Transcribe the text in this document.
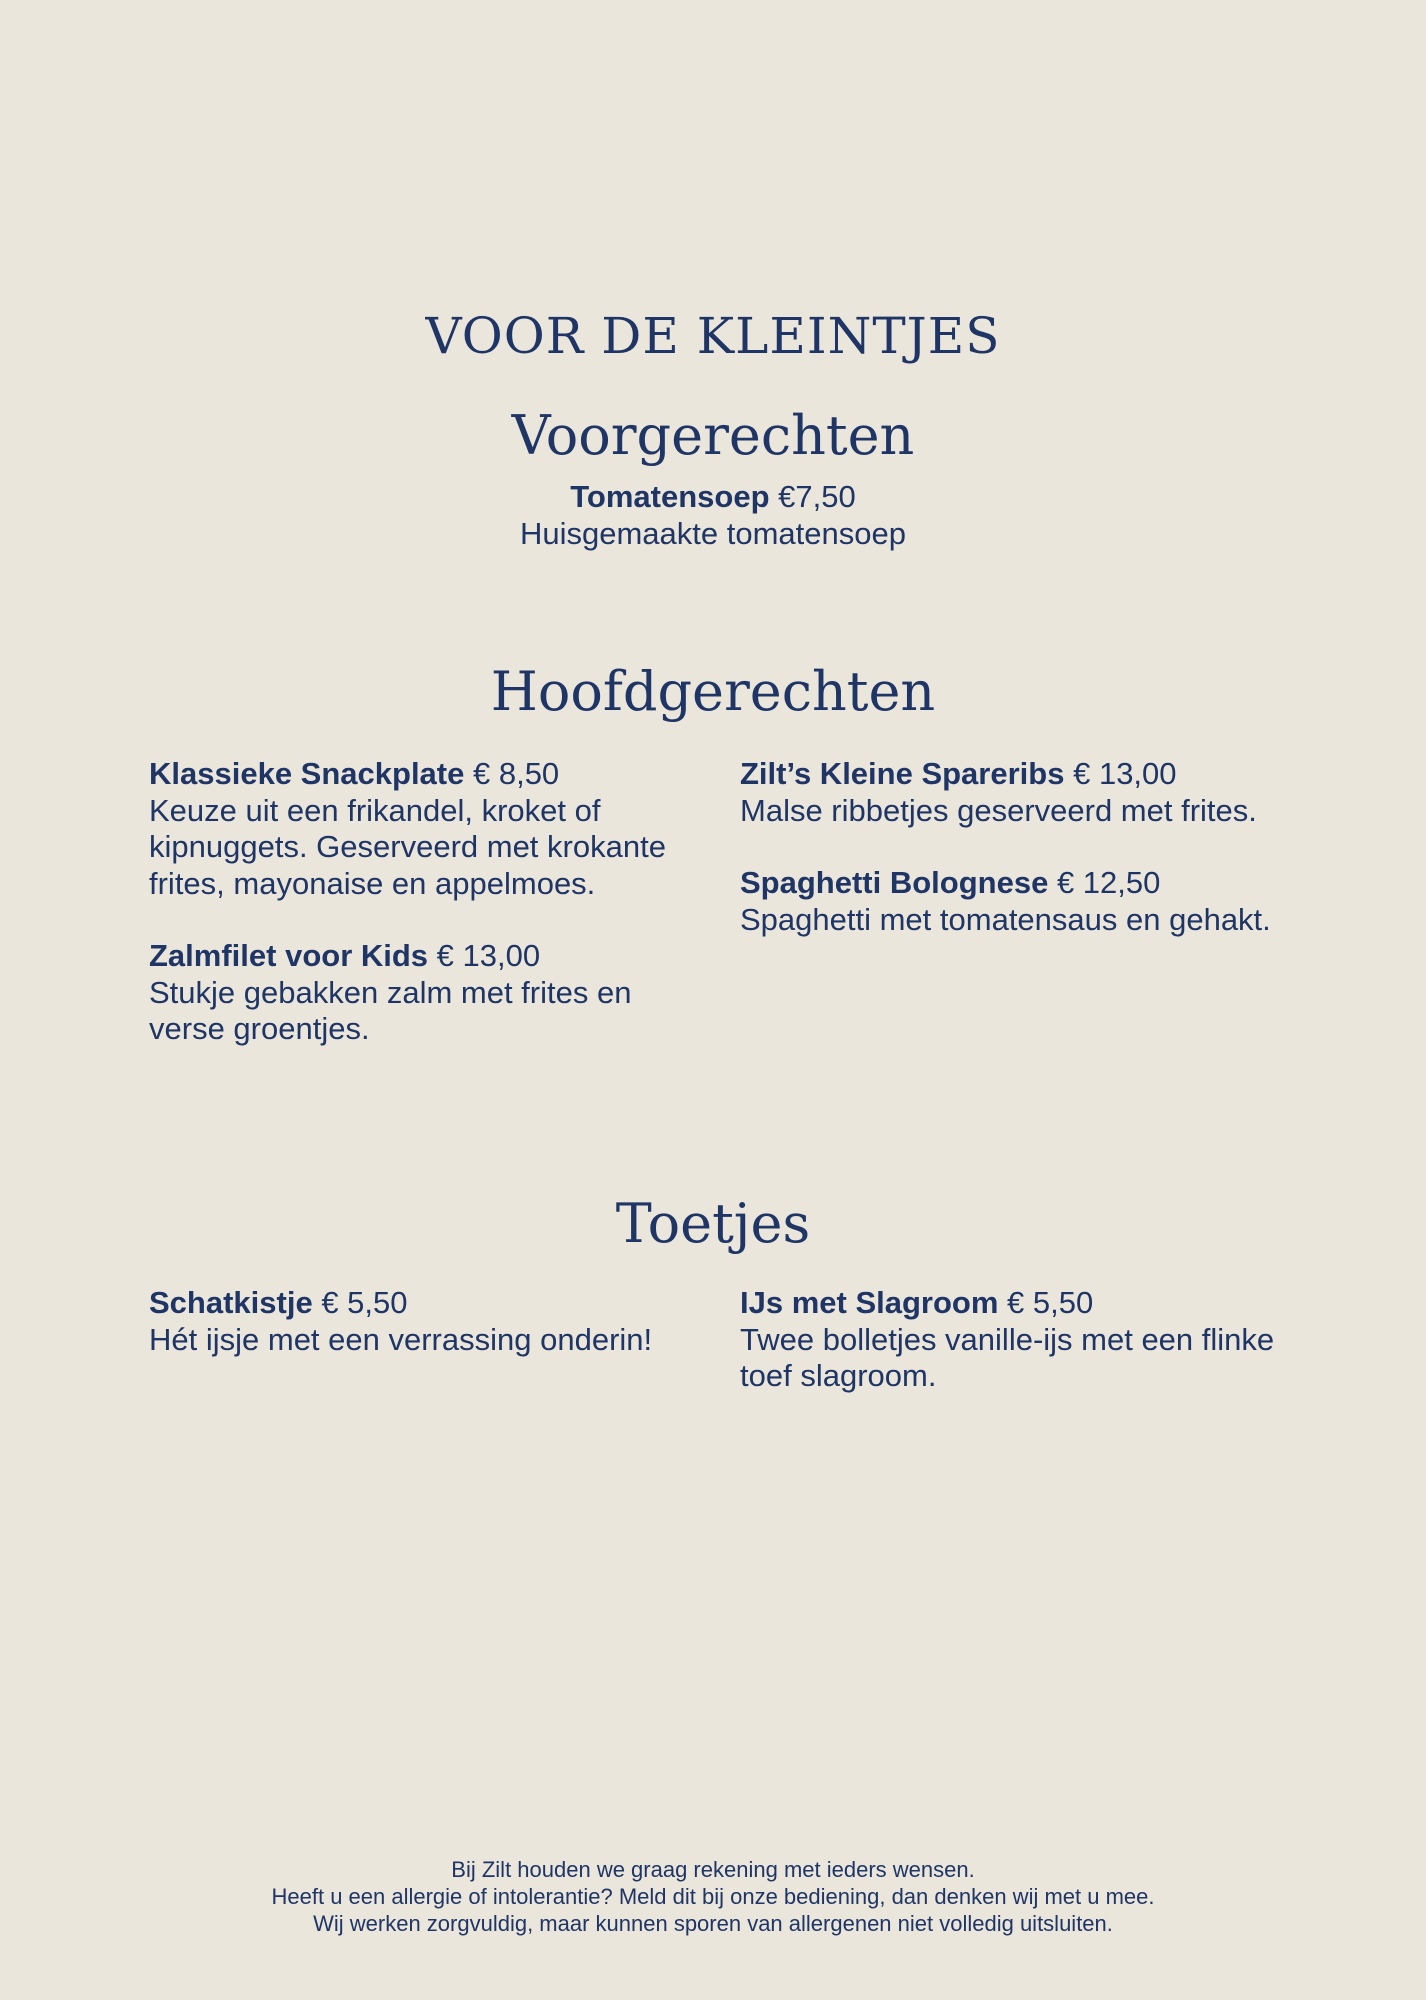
VOOR DE KLEINTJES
Voorgerechten
Tomatensoep €7,50
Huisgemaakte tomatensoep
Hoofdgerechten
Klassieke Snackplate € 8,50
Keuze uit een frikandel, kroket of kipnuggets. Geserveerd met krokante frites, mayonaise en appelmoes.
Zalmfilet voor Kids € 13,00
Stukje gebakken zalm met frites en verse groentjes.
Zilt’s Kleine Spareribs € 13,00
Malse ribbetjes geserveerd met frites.
Spaghetti Bolognese € 12,50
Spaghetti met tomatensaus en gehakt.
Toetjes
Schatkistje € 5,50
Hét ijsje met een verrassing onderin!
IJs met Slagroom € 5,50
Twee bolletjes vanille-ijs met een flinke toef slagroom.
Bij Zilt houden we graag rekening met ieders wensen.
Heeft u een allergie of intolerantie? Meld dit bij onze bediening, dan denken wij met u mee.
Wij werken zorgvuldig, maar kunnen sporen van allergenen niet volledig uitsluiten.
